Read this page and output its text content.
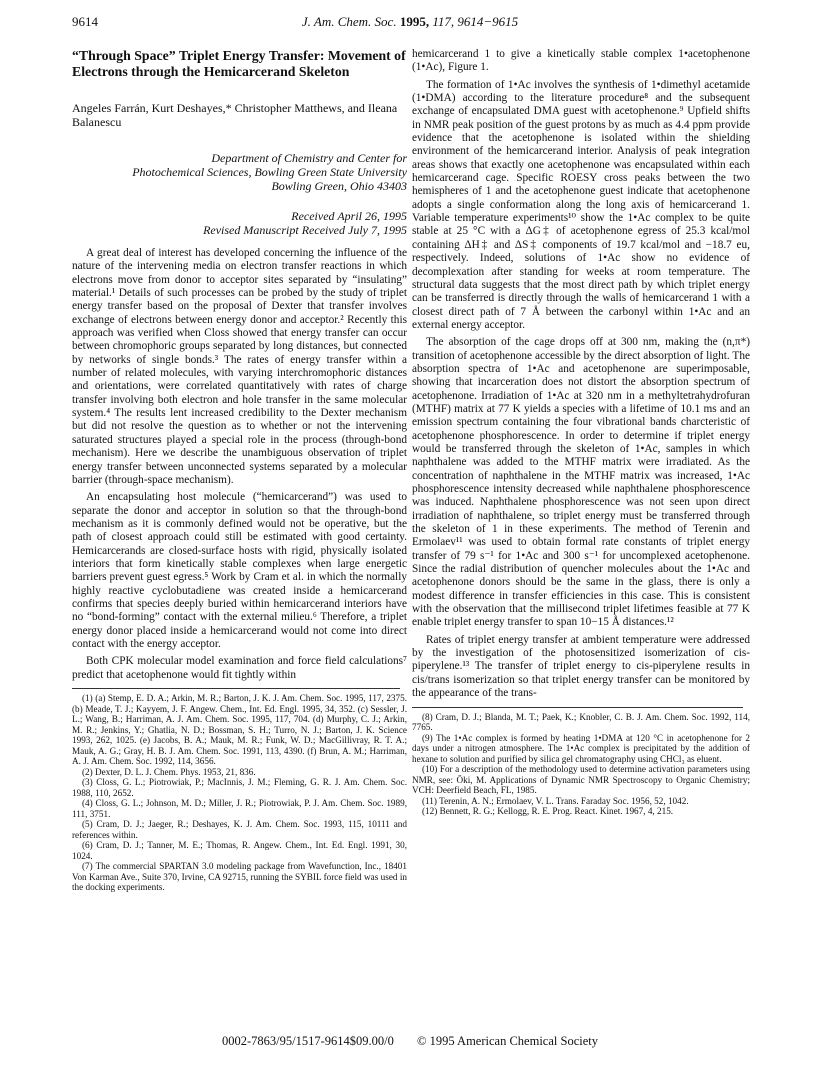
9614	J. Am. Chem. Soc. 1995, 117, 9614−9615
“Through Space” Triplet Energy Transfer: Movement of Electrons through the Hemicarcerand Skeleton
Angeles Farrán, Kurt Deshayes,* Christopher Matthews, and Ileana Balanescu
Department of Chemistry and Center for
Photochemical Sciences, Bowling Green State University
Bowling Green, Ohio 43403
Received April 26, 1995
Revised Manuscript Received July 7, 1995

A great deal of interest has developed concerning the influence of the nature of the intervening media on electron transfer reactions in which electrons move from donor to acceptor sites separated by “insulating” material.¹ Details of such processes can be probed by the study of triplet energy transfer based on the proposal of Dexter that transfer involves exchange of electrons between energy donor and acceptor.² Recently this approach was verified when Closs showed that energy transfer can occur between chromophoric groups separated by long distances, but connected by networks of single bonds.³ The rates of energy transfer within a number of related molecules, with varying interchromophoric distances and orientations, were correlated quantitatively with rates of charge transfer involving both electron and hole transfer in the same molecular system.⁴ The results lent increased credibility to the Dexter mechanism but did not resolve the question as to whether or not the intervening saturated structures played a special role in the process (through-bond mechanism). Here we describe the unambiguous observation of triplet energy transfer between unconnected systems separated by a molecular barrier (through-space mechanism).

An encapsulating host molecule (“hemicarcerand”) was used to separate the donor and acceptor in solution so that the through-bond mechanism as it is commonly defined would not be operative, but the path of closest approach could still be estimated with good certainty. Hemicarcerands are closed-surface hosts with rigid, physically isolated interiors that form kinetically stable complexes when large energetic barriers prevent guest egress.⁵ Work by Cram et al. in which the normally highly reactive cyclobutadiene was created inside a hemicarcerand confirms that species deeply buried within hemicarcerand interiors have no “bond-forming” contact with the external milieu.⁶ Therefore, a triplet energy donor placed inside a hemicarcerand would not come into direct contact with the energy acceptor.

Both CPK molecular model examination and force field calculations⁷ predict that acetophenone would fit tightly within

(1) (a) Stemp, E. D. A.; Arkin, M. R.; Barton, J. K. J. Am. Chem. Soc. 1995, 117, 2375. (b) Meade, T. J.; Kayyem, J. F. Angew. Chem., Int. Ed. Engl. 1995, 34, 352. (c) Sessler, J. L.; Wang, B.; Harriman, A. J. Am. Chem. Soc. 1995, 117, 704. (d) Murphy, C. J.; Arkin, M. R.; Jenkins, Y.; Ghatlia, N. D.; Bossman, S. H.; Turro, N. J.; Barton, J. K. Science 1993, 262, 1025. (e) Jacobs, B. A.; Mauk, M. R.; Funk, W. D.; MacGillivray, R. T. A.; Mauk, A. G.; Gray, H. B. J. Am. Chem. Soc. 1991, 113, 4390. (f) Brun, A. M.; Harriman, A. J. Am. Chem. Soc. 1992, 114, 3656.
(2) Dexter, D. L. J. Chem. Phys. 1953, 21, 836.
(3) Closs, G. L.; Piotrowiak, P.; MacInnis, J. M.; Fleming, G. R. J. Am. Chem. Soc. 1988, 110, 2652.
(4) Closs, G. L.; Johnson, M. D.; Miller, J. R.; Piotrowiak, P. J. Am. Chem. Soc. 1989, 111, 3751.
(5) Cram, D. J.; Jaeger, R.; Deshayes, K. J. Am. Chem. Soc. 1993, 115, 10111 and references within.
(6) Cram, D. J.; Tanner, M. E.; Thomas, R. Angew. Chem., Int. Ed. Engl. 1991, 30, 1024.
(7) The commercial SPARTAN 3.0 modeling package from Wavefunction, Inc., 18401 Von Karman Ave., Suite 370, Irvine, CA 92715, running the SYBIL force field was used in the docking experiments.

hemicarcerand 1 to give a kinetically stable complex 1•acetophenone (1•Ac), Figure 1.

The formation of 1•Ac involves the synthesis of 1•dimethyl acetamide (1•DMA) according to the literature procedure⁸ and the subsequent exchange of encapsulated DMA guest with acetophenone.⁹ Upfield shifts in NMR peak position of the guest protons by as much as 4.4 ppm provide evidence that the acetophenone is isolated within the shielding environment of the hemicarcerand interior. Analysis of peak integration areas shows that exactly one acetophenone was encapsulated within each hemicarcerand cage. Specific ROESY cross peaks between the two hemispheres of 1 and the acetophenone guest indicate that acetophenone adopts a single conformation along the long axis of hemicarcerand 1. Variable temperature experiments¹⁰ show the 1•Ac complex to be quite stable at 25 °C with a ΔG‡ of acetophenone egress of 25.3 kcal/mol containing ΔH‡ and ΔS‡ components of 19.7 kcal/mol and −18.7 eu, respectively. Indeed, solutions of 1•Ac show no evidence of decomplexation after standing for weeks at room temperature. The structural data suggests that the most direct path by which triplet energy can be transferred is directly through the walls of hemicarcerand 1 with a closest direct path of 7 Å between the carbonyl within 1•Ac and an external energy acceptor.

The absorption of the cage drops off at 300 nm, making the (n,π*) transition of acetophenone accessible by the direct absorption of light. The absorption spectra of 1•Ac and acetophenone are superimposable, showing that incarceration does not distort the absorption spectrum of acetophenone. Irradiation of 1•Ac at 320 nm in a methyltetrahydrofuran (MTHF) matrix at 77 K yields a species with a lifetime of 10.1 ms and an emission spectrum containing the four vibrational bands charcteristic of acetophenone phosphorescence. In order to determine if triplet energy would be transferred through the skeleton of 1•Ac, samples in which naphthalene was added to the MTHF matrix were irradiated. As the concentration of naphthalene in the MTHF matrix was increased, 1•Ac phosphorescence intensity decreased while naphthalene phosphorescence was induced. Naphthalene phosphorescence was not seen upon direct irradiation of naphthalene, so triplet energy must be transferred through the skeleton of 1 in these experiments. The method of Terenin and Ermolaev¹¹ was used to obtain formal rate constants of triplet energy transfer of 79 s⁻¹ for 1•Ac and 300 s⁻¹ for uncomplexed acetophenone. Since the radial distribution of quencher molecules about the 1•Ac and acetophenone donors should be the same in the glass, there is only a modest difference in transfer efficiencies in this case. This is consistent with the observation that the millisecond triplet lifetimes feasible at 77 K enable triplet energy transfer to span 10−15 Å distances.¹²

Rates of triplet energy transfer at ambient temperature were addressed by the investigation of the photosensitized isomerization of cis-piperylene.¹³ The transfer of triplet energy to cis-piperylene results in cis/trans isomerization so that triplet energy transfer can be monitored by the appearance of the trans-

(8) Cram, D. J.; Blanda, M. T.; Paek, K.; Knobler, C. B. J. Am. Chem. Soc. 1992, 114, 7765.
(9) The 1•Ac complex is formed by heating 1•DMA at 120 °C in acetophenone for 2 days under a nitrogen atmosphere. The 1•Ac complex is precipitated by the addition of hexane to solution and purified by silica gel chromatography using CHCl₃ as eluent.
(10) For a description of the methodology used to determine activation parameters using NMR, see: Ōki, M. Applications of Dynamic NMR Spectroscopy to Organic Chemistry; VCH: Deerfield Beach, FL, 1985.
(11) Terenin, A. N.; Ermolaev, V. L. Trans. Faraday Soc. 1956, 52, 1042.
(12) Bennett, R. G.; Kellogg, R. E. Prog. React. Kinet. 1967, 4, 215.
0002-7863/95/1517-9614$09.00/0 © 1995 American Chemical Society
